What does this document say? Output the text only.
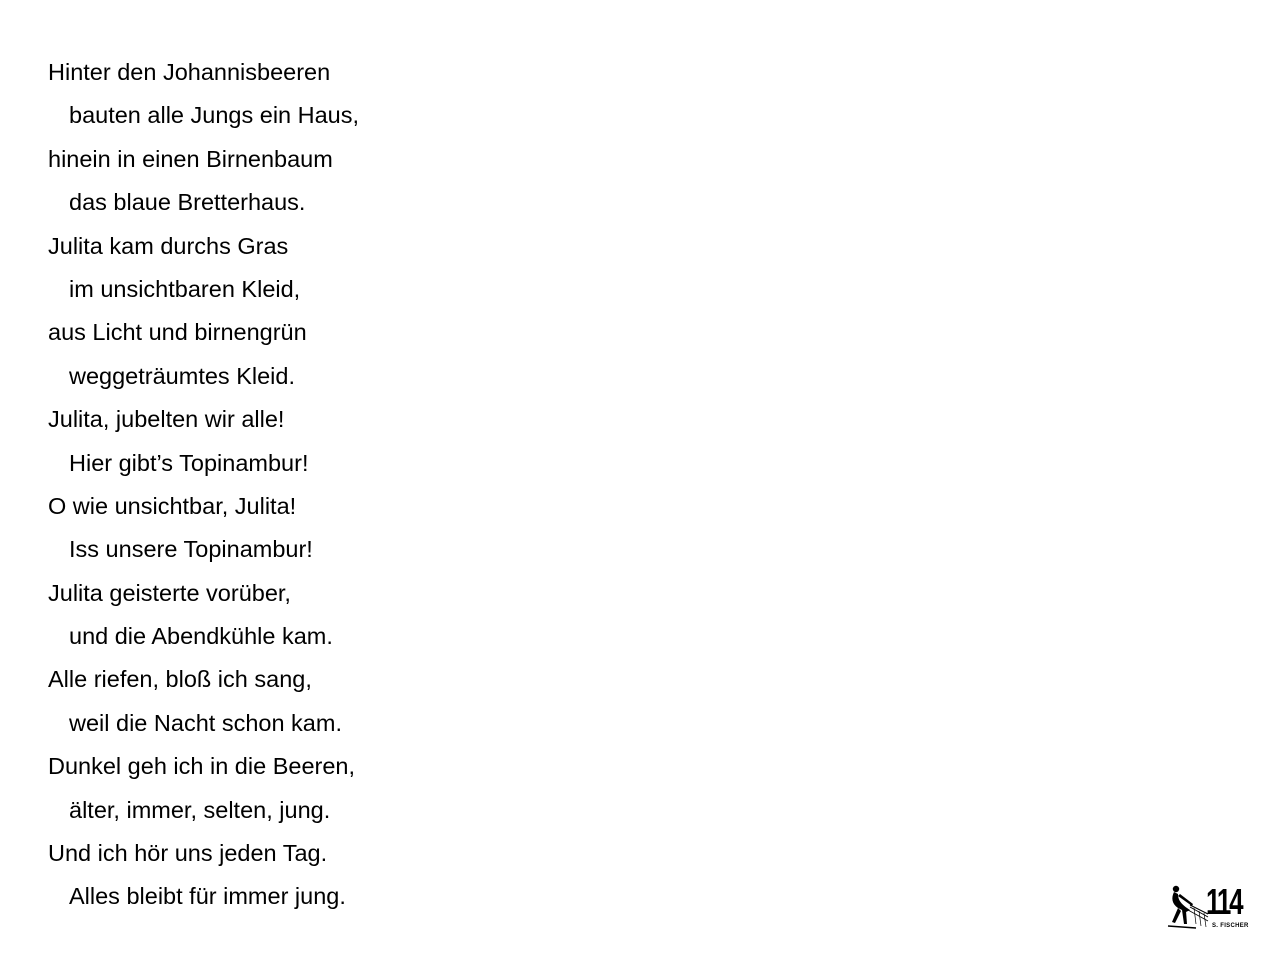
Hinter den Johannisbeeren
bauten alle Jungs ein Haus,
hinein in einen Birnenbaum
das blaue Bretterhaus.
Julita kam durchs Gras
im unsichtbaren Kleid,
aus Licht und birnengrün
weggeträumtes Kleid.
Julita, jubelten wir alle!
Hier gibt’s Topinambur!
O wie unsichtbar, Julita!
Iss unsere Topinambur!
Julita geisterte vorüber,
und die Abendkühle kam.
Alle riefen, bloß ich sang,
weil die Nacht schon kam.
Dunkel geh ich in die Beeren,
älter, immer, selten, jung.
Und ich hör uns jeden Tag.
Alles bleibt für immer jung.	114
S. FISCHER
